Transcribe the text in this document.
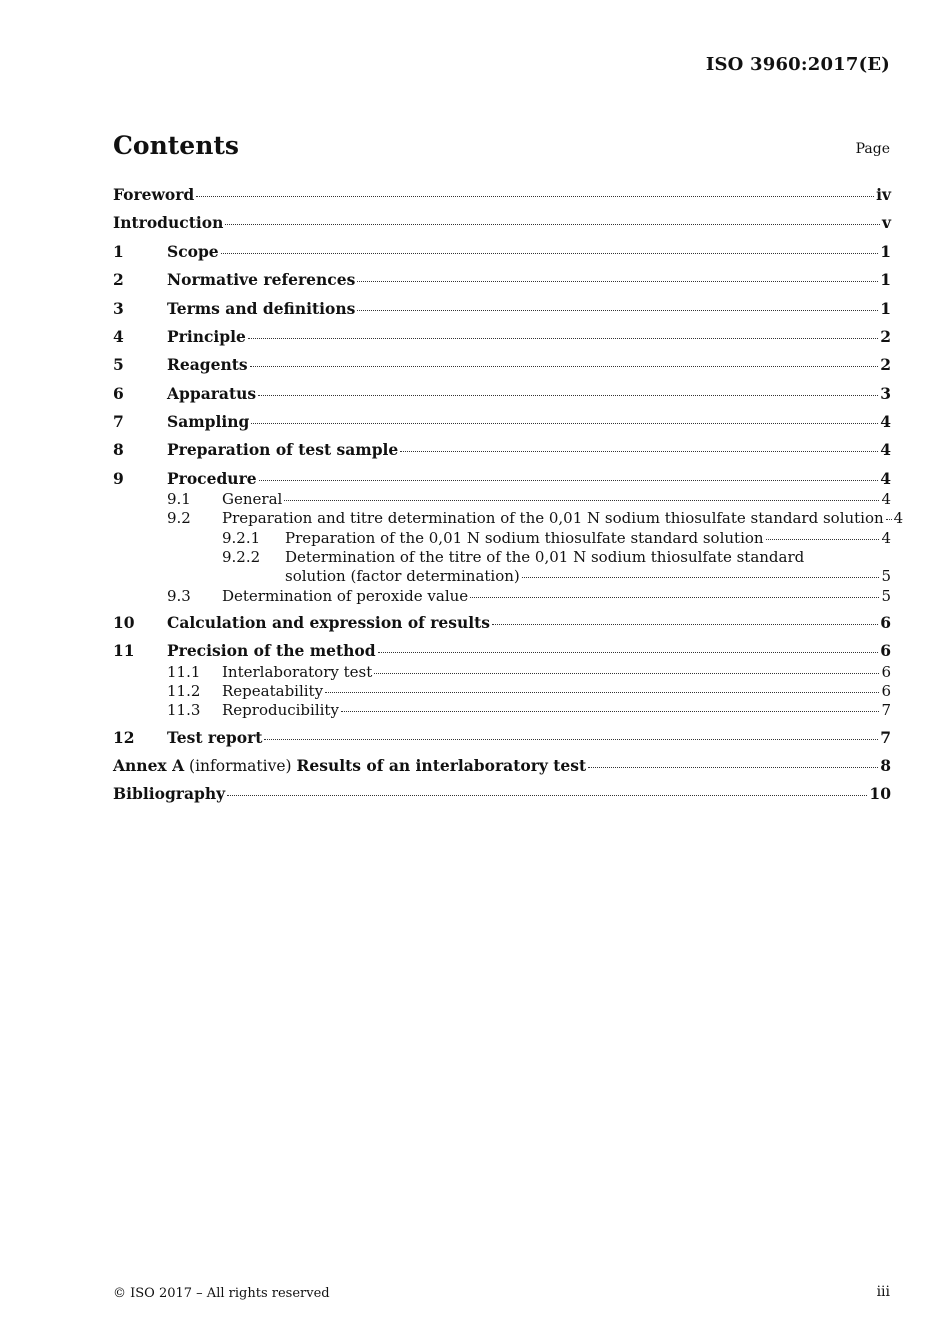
ISO 3960:2017(E)
Contents	Page
Foreword	iv
Introduction	v
1	Scope	1
2	Normative references	1
3	Terms and definitions	1
4	Principle	2
5	Reagents	2
6	Apparatus	3
7	Sampling	4
8	Preparation of test sample	4
9	Procedure	4
9.1	General	4
9.2	Preparation and titre determination of the 0,01 N sodium thiosulfate standard solution 4
9.2.1	Preparation of the 0,01 N sodium thiosulfate standard solution	4
9.2.2	Determination of the titre of the 0,01 N sodium thiosulfate standard
solution (factor determination)	5
9.3	Determination of peroxide value	5
10	Calculation and expression of results	6
11	Precision of the method	6
11.1	Interlaboratory test	6
11.2	Repeatability	6
11.3	Reproducibility	7
12	Test report	7
Annex A (informative) Results of an interlaboratory test	8
Bibliography	10
© ISO 2017 – All rights reserved	iii
